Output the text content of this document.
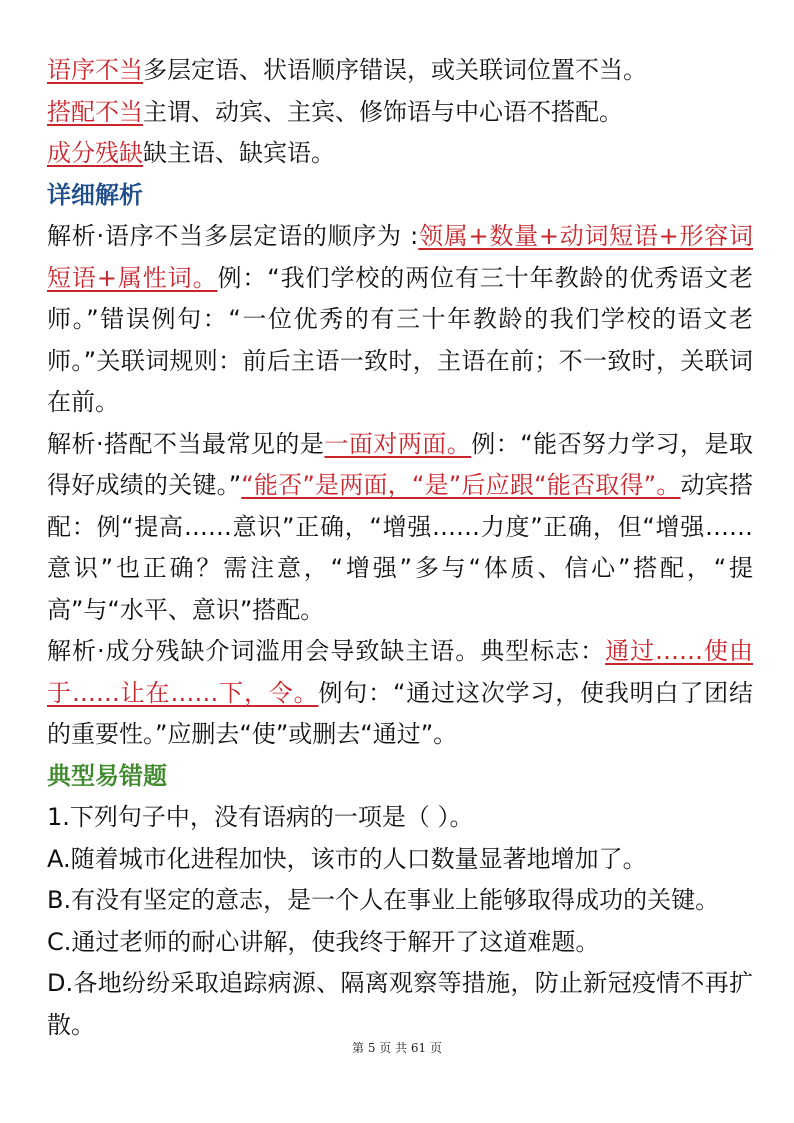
语序不当多层定语、状语顺序错误，或关联词位置不当。

搭配不当主谓、动宾、主宾、修饰语与中心语不搭配。

成分残缺缺主语、缺宾语。

详细解析

解析·语序不当多层定语的顺序为 :领属+数量+动词短语+形容词短语+属性词。例：“我们学校的两位有三十年教龄的优秀语文老师。”错误例句：“一位优秀的有三十年教龄的我们学校的语文老师。”关联词规则：前后主语一致时，主语在前；不一致时，关联词在前。

解析·搭配不当最常见的是一面对两面。例：“能否努力学习，是取得好成绩的关键。”“能否”是两面，“是”后应跟“能否取得”。动宾搭配：例“提高……意识”正确，“增强……力度”正确，但“增强……意识”也正确？需注意，“增强”多与“体质、信心”搭配，“提高”与“水平、意识”搭配。

解析·成分残缺介词滥用会导致缺主语。典型标志：通过……使由于……让在……下，令。例句：“通过这次学习，使我明白了团结的重要性。”应删去“使”或删去“通过”。

典型易错题

1.下列句子中，没有语病的一项是（ ）。

A.随着城市化进程加快，该市的人口数量显著地增加了。

B.有没有坚定的意志，是一个人在事业上能够取得成功的关键。

C.通过老师的耐心讲解，使我终于解开了这道难题。

D.各地纷纷采取追踪病源、隔离观察等措施，防止新冠疫情不再扩散。

第 5 页 共 61 页
